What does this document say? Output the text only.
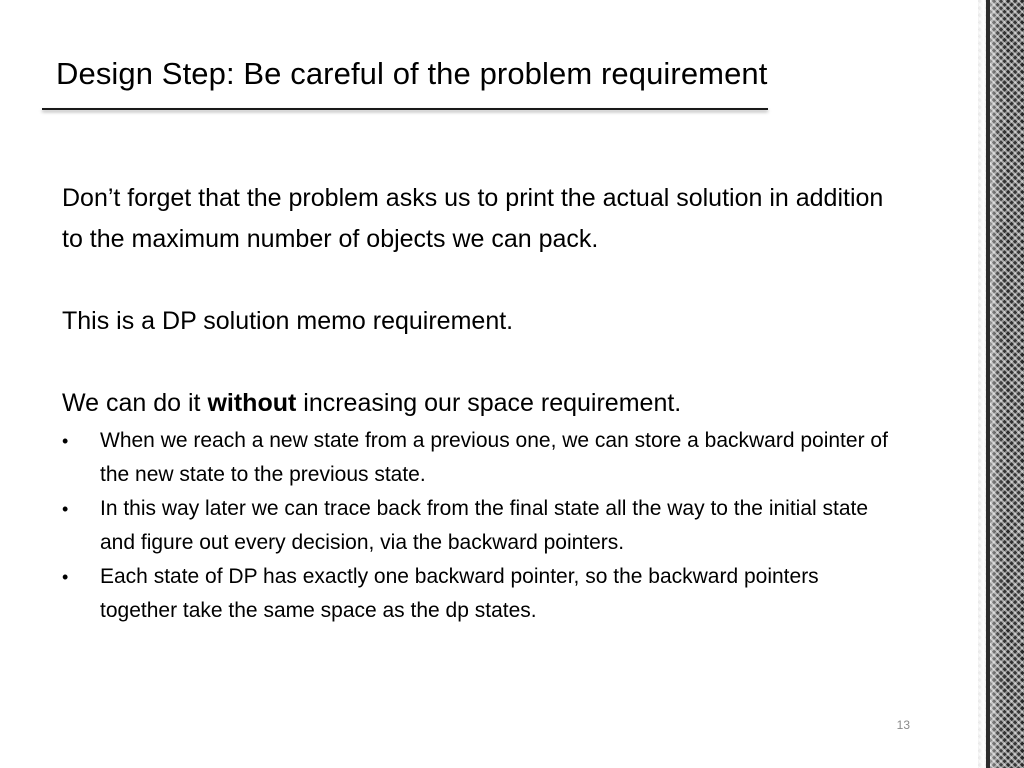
Design Step: Be careful of the problem requirement

Don’t forget that the problem asks us to print the actual solution in addition to the maximum number of objects we can pack.

This is a DP solution memo requirement.

We can do it without increasing our space requirement.

• When we reach a new state from a previous one, we can store a backward pointer of the new state to the previous state.
• In this way later we can trace back from the final state all the way to the initial state and figure out every decision, via the backward pointers.
• Each state of DP has exactly one backward pointer, so the backward pointers together take the same space as the dp states.
13
